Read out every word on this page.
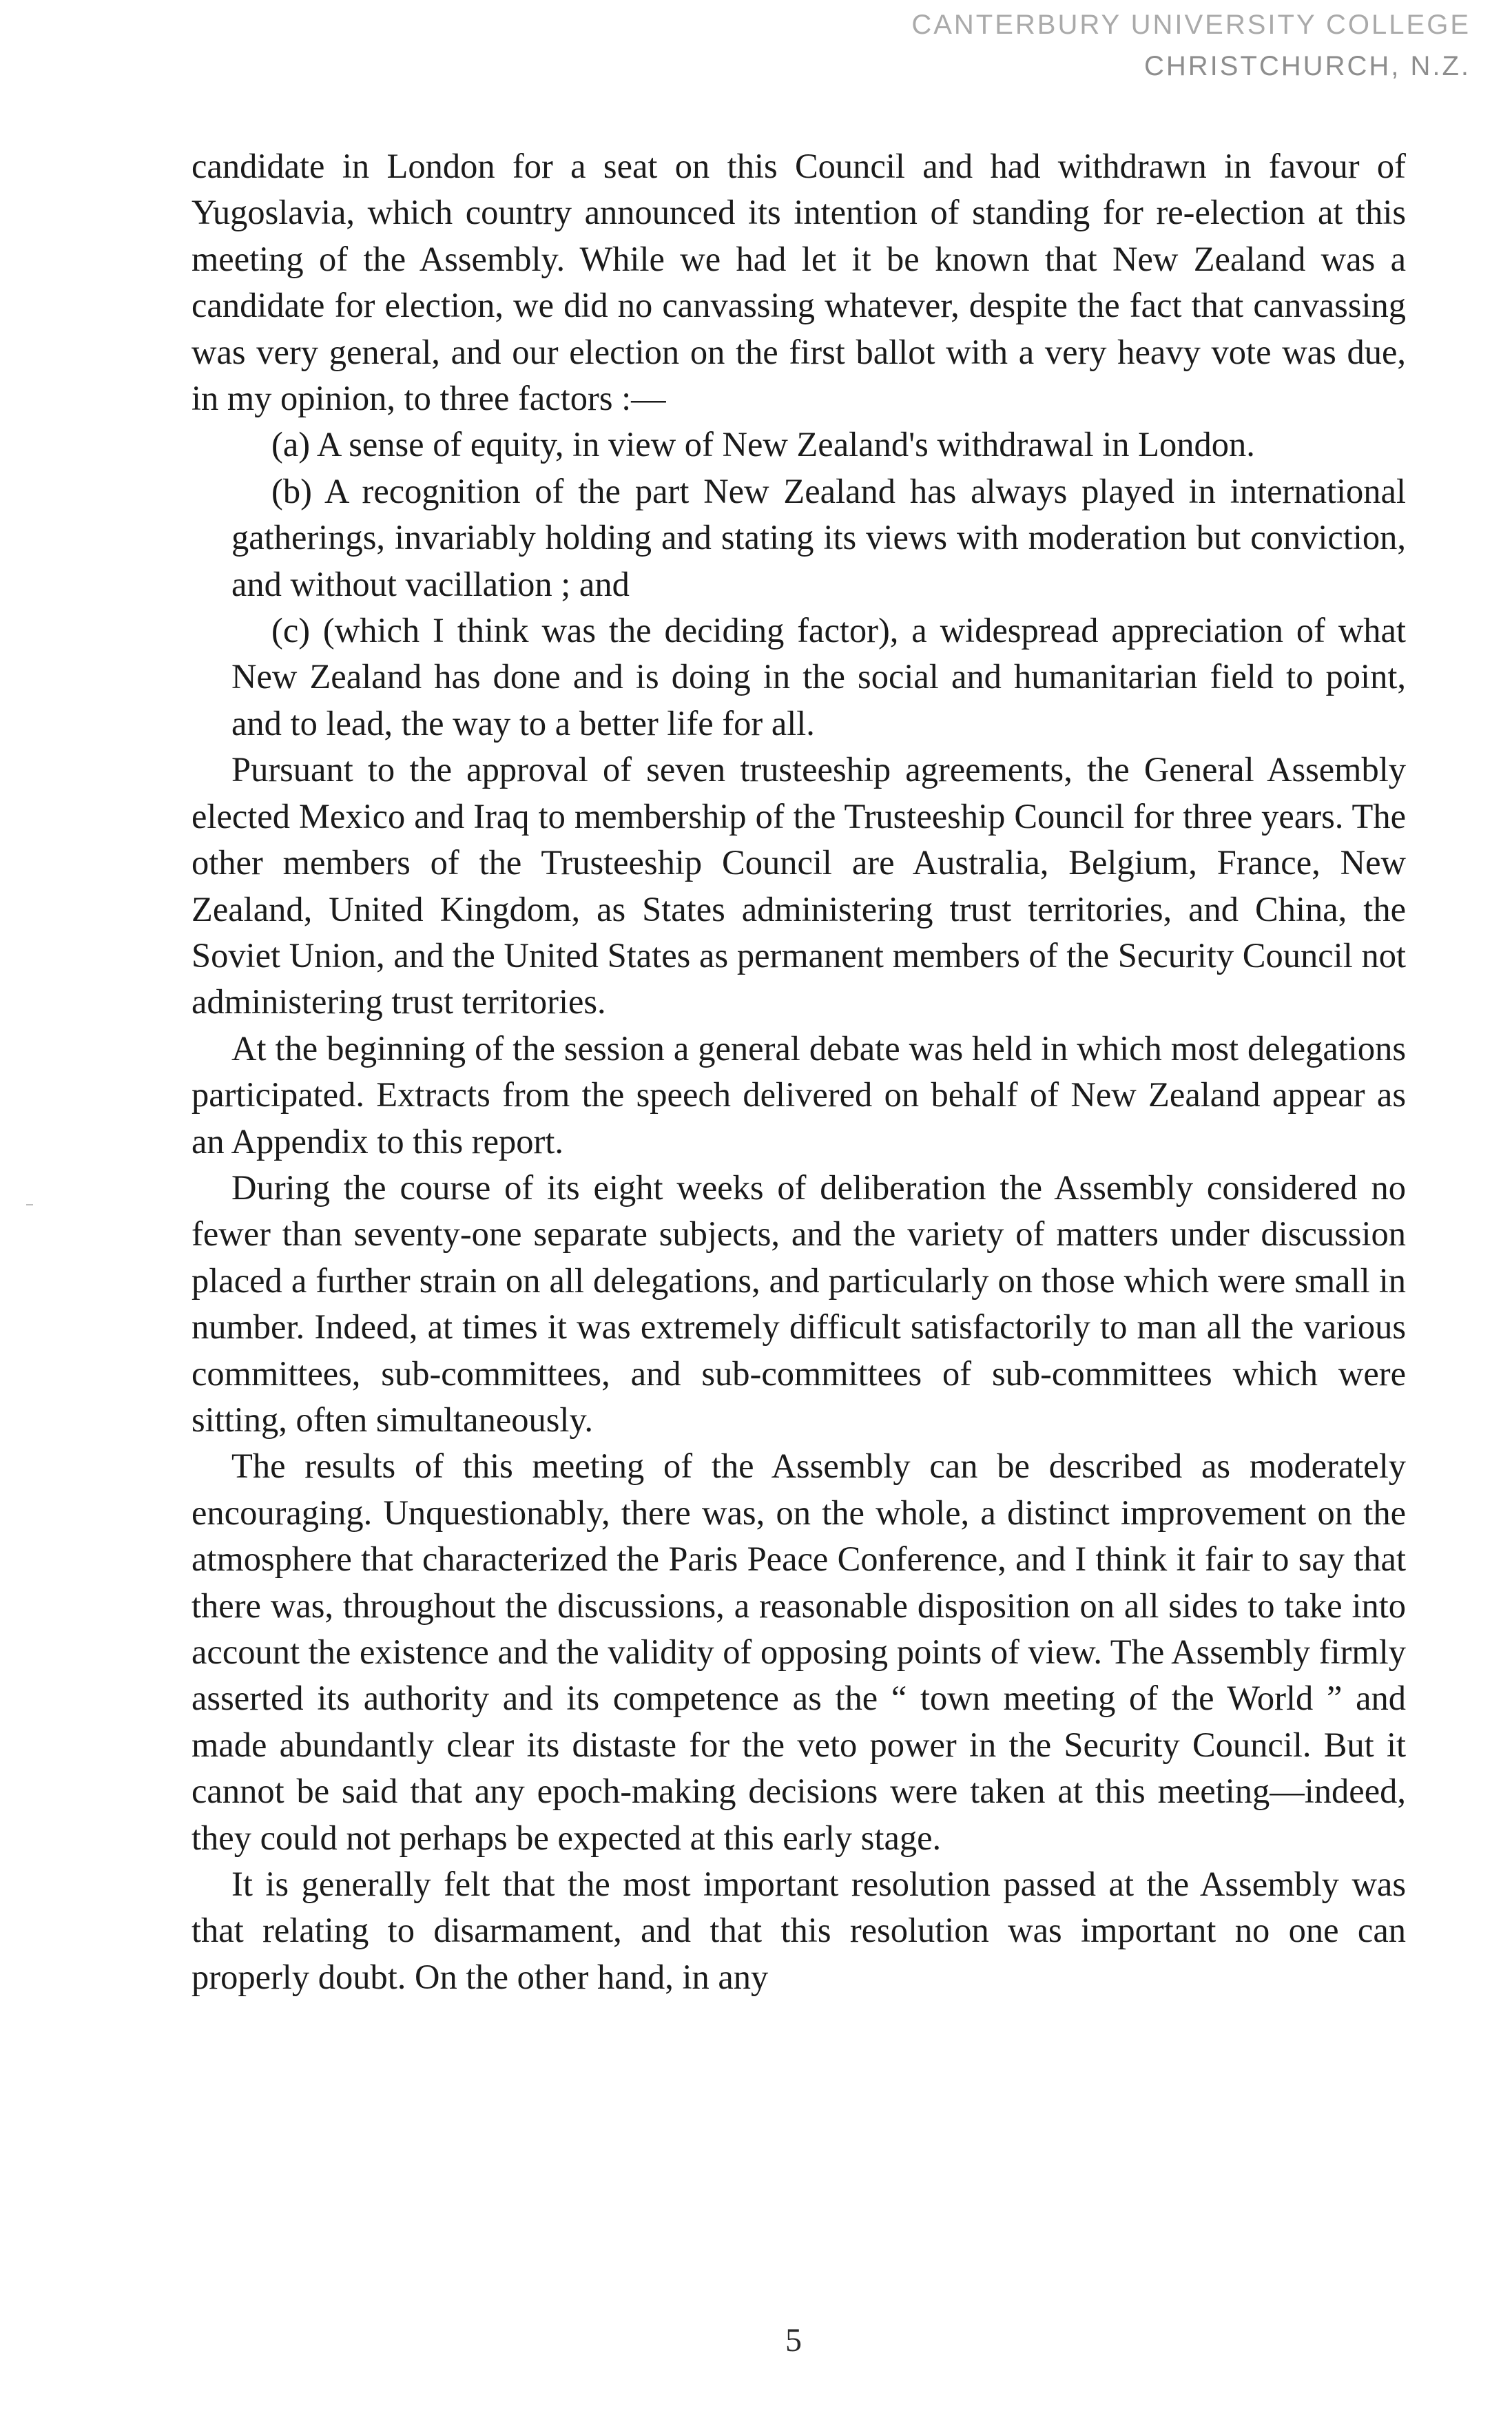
CANTERBURY UNIVERSITY COLLEGE
CHRISTCHURCH, N.Z.

candidate in London for a seat on this Council and had withdrawn in favour of Yugoslavia, which country announced its intention of standing for re-election at this meeting of the Assembly. While we had let it be known that New Zealand was a candidate for election, we did no canvassing whatever, despite the fact that canvassing was very general, and our election on the first ballot with a very heavy vote was due, in my opinion, to three factors :—

(a) A sense of equity, in view of New Zealand's withdrawal in London.

(b) A recognition of the part New Zealand has always played in international gatherings, invariably holding and stating its views with moderation but conviction, and without vacillation ; and

(c) (which I think was the deciding factor), a widespread appreciation of what New Zealand has done and is doing in the social and humanitarian field to point, and to lead, the way to a better life for all.

Pursuant to the approval of seven trusteeship agreements, the General Assembly elected Mexico and Iraq to membership of the Trusteeship Council for three years. The other members of the Trusteeship Council are Australia, Belgium, France, New Zealand, United Kingdom, as States administering trust territories, and China, the Soviet Union, and the United States as permanent members of the Security Council not administering trust territories.

At the beginning of the session a general debate was held in which most delegations participated. Extracts from the speech delivered on behalf of New Zealand appear as an Appendix to this report.

During the course of its eight weeks of deliberation the Assembly considered no fewer than seventy-one separate subjects, and the variety of matters under discussion placed a further strain on all delegations, and particularly on those which were small in number. Indeed, at times it was extremely difficult satisfactorily to man all the various committees, sub-committees, and sub-committees of sub-committees which were sitting, often simultaneously.

The results of this meeting of the Assembly can be described as moderately encouraging. Unquestionably, there was, on the whole, a distinct improvement on the atmosphere that characterized the Paris Peace Conference, and I think it fair to say that there was, throughout the discussions, a reasonable disposition on all sides to take into account the existence and the validity of opposing points of view. The Assembly firmly asserted its authority and its competence as the “ town meeting of the World ” and made abundantly clear its distaste for the veto power in the Security Council. But it cannot be said that any epoch-making decisions were taken at this meeting—indeed, they could not perhaps be expected at this early stage.

It is generally felt that the most important resolution passed at the Assembly was that relating to disarmament, and that this resolution was important no one can properly doubt. On the other hand, in any

5
